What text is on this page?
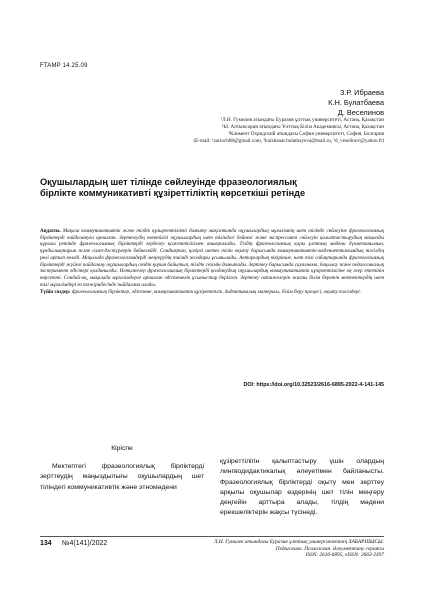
FTAMP 14.25.09
З.Р. Ибраева
К.Н. Булатбаева
Д. Веселинов
¹Л.Н. Гумилев атындағы Еуразия ұлттық университеті, Астана, Қазақстан
²Ы. Алтынсарин атындағы Ұлттық Білім Академиясы, Астана, Қазақстан
³Климент Охридский атындағы София университеті, София, Болгария
(E-mail: ¹zarioch88@gmail.com, ²kulshanat.bulatbayeva@mail.ru, ³d_veselinov@yahoo.fr)
Оқушылардың шет тілінде сөйлеуінде фразеологиялық бірлікте коммуникативті құзіреттіліктің көрсеткіші ретінде
Аңдатпа. Мақала коммуникативтік және тілдік құзыреттілікті дамыту мақсатында оқушылардың мұғалімнің шет тілінде сөйлеуіне фразеологиялық бірліктерді пайдалануға арналған. Зерттеудің өзектілігі оқушылардың шет тіліндегі бейнелі және экспрессивті сөйлеуін қалыптастырудың маңызды құралы ретінде фразеологиялық бірліктерді зерделеу қажеттілігімен анықталады. Тілдің фразеологиялық қоры ұлттың мәдени дүниетанымын, құндылықтарын және салт-дәстүрлерін бейнелейді. Сондықтан, қазіргі шетел тілін оқыту барысында коммуникативтік-мәдениеттанымдық тәсілдің рөлі артып келеді. Мақалада фразеологизмдерді меңгерудің тиімді жолдары ұсынылады. Авторлардың пікірінше, шет тілі сабақтарында фразеологиялық бірліктерді жүйелі пайдалану оқушылардың сөздік қорын байытып, тілдік сезімін дамытады. Зерттеу барысында сауалнама, бақылау және педагогикалық эксперимент әдістері қолданылды. Нәтижелер фразеологиялық бірліктерді қолданудың оқушылардың коммуникативтік құзіреттілігіне оң әсер ететінін көрсетті. Сондай-ақ, мақалада мұғалімдерге арналған әдістемелік ұсыныстар берілген. Зерттеу нәтижелерін жалпы білім беретін мектептердің шет тілі мұғалімдері өз тәжірибесінде пайдалана алады.
Түйін сөздер: фразеологиялық бірліктер, әдістеме, коммуникативтік құзіреттілік, дидактикалық материал, білім беру процесі, оқыту тәсілдері.
DOI: https://doi.org/10.32523/2616-6895-2022-4-141-145
Кіріспе

Мектептегі фразеологиялық бірліктерді зерттеудің маңыздылығы оқушылардың шет тіліндегі коммуникативтік және этномәдени

құзіреттілігін қалыптастыру үшін олардың лингводидактикалық әлеуетімен байланысты. Фразеологиялық бірліктерді оқыту мен зерттеу арқылы оқушылар өздерінің шет тілін меңгеру деңгейін арттыра алады, тілдің мәдени ерекшеліктерін жақсы түсінеді.

134 №4(141)/2022	Л.Н. Гумилев атындағы Еуразия ұлттық университетінің ХАБАРШЫСЫ.
Педагогика. Психология. Әлеуметтану сериясы
ISSN: 2616-6895, eISSN: 2663-2497
